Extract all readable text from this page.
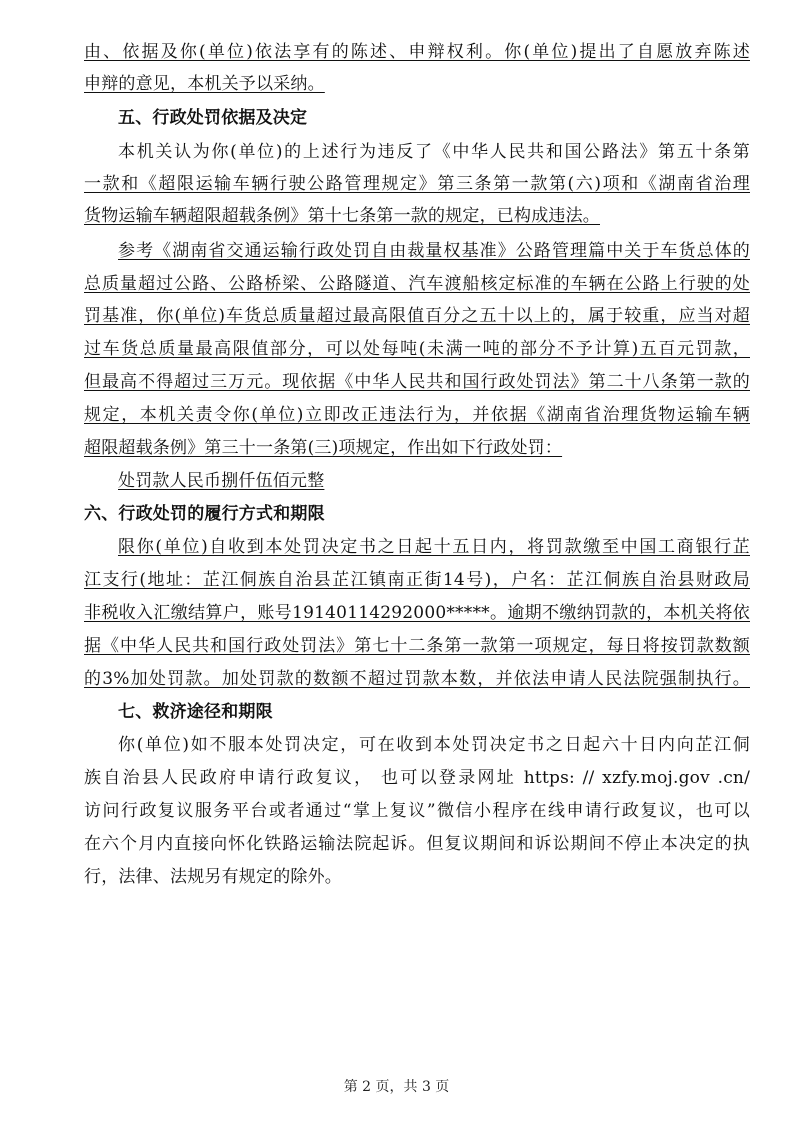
由、依据及你(单位)依法享有的陈述、申辩权利。你(单位)提出了自愿放弃陈述
申辩的意见，本机关予以采纳。
五、行政处罚依据及决定
本机关认为你(单位)的上述行为违反了《中华人民共和国公路法》第五十条第
一款和《超限运输车辆行驶公路管理规定》第三条第一款第(六)项和《湖南省治理
货物运输车辆超限超载条例》第十七条第一款的规定，已构成违法。
参考《湖南省交通运输行政处罚自由裁量权基准》公路管理篇中关于车货总体的
总质量超过公路、公路桥梁、公路隧道、汽车渡船核定标准的车辆在公路上行驶的处
罚基准，你(单位)车货总质量超过最高限值百分之五十以上的，属于较重，应当对超
过车货总质量最高限值部分，可以处每吨(未满一吨的部分不予计算)五百元罚款，
但最高不得超过三万元。现依据《中华人民共和国行政处罚法》第二十八条第一款的
规定，本机关责令你(单位)立即改正违法行为，并依据《湖南省治理货物运输车辆
超限超载条例》第三十一条第(三)项规定，作出如下行政处罚：
处罚款人民币捌仟伍佰元整
六、行政处罚的履行方式和期限
限你(单位)自收到本处罚决定书之日起十五日内，将罚款缴至中国工商银行芷
江支行(地址：芷江侗族自治县芷江镇南正街14号)，户名：芷江侗族自治县财政局
非税收入汇缴结算户，账号19140114292000*****。逾期不缴纳罚款的，本机关将依
据《中华人民共和国行政处罚法》第七十二条第一款第一项规定，每日将按罚款数额
的3%加处罚款。加处罚款的数额不超过罚款本数，并依法申请人民法院强制执行。
七、救济途径和期限
你(单位)如不服本处罚决定，可在收到本处罚决定书之日起六十日内向芷江侗
族自治县人民政府申请行政复议， 也可以登录网址 https: // xzfy.moj.gov .cn/
访问行政复议服务平台或者通过“掌上复议”微信小程序在线申请行政复议，也可以
在六个月内直接向怀化铁路运输法院起诉。但复议期间和诉讼期间不停止本决定的执
行，法律、法规另有规定的除外。
第 2 页，共 3 页
